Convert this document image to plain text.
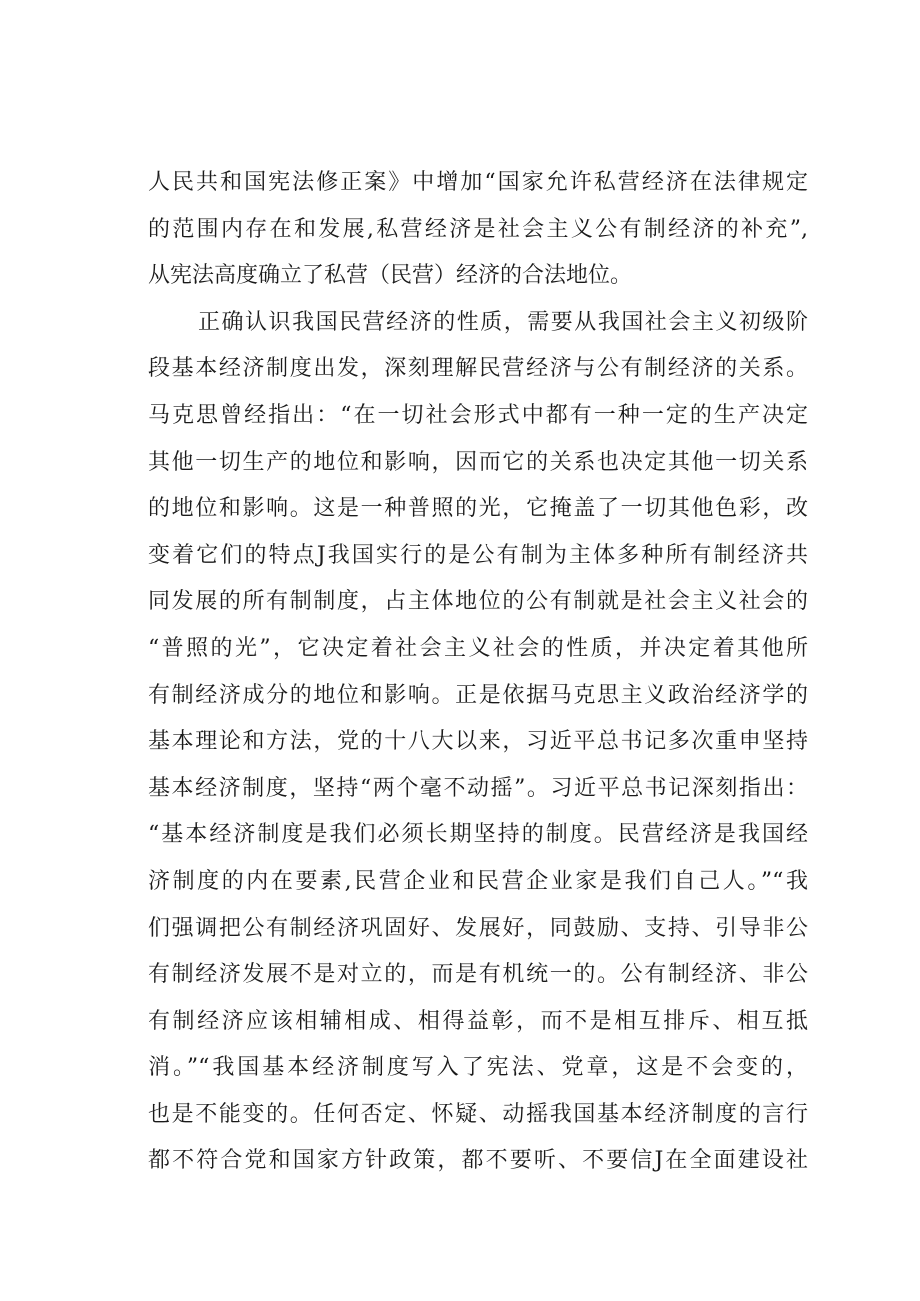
人民共和国宪法修正案》中增加“国家允许私营经济在法律规定
的范围内存在和发展,私营经济是社会主义公有制经济的补充”,
从宪法高度确立了私营（民营）经济的合法地位。
正确认识我国民营经济的性质，需要从我国社会主义初级阶
段基本经济制度出发，深刻理解民营经济与公有制经济的关系。
马克思曾经指出：“在一切社会形式中都有一种一定的生产决定
其他一切生产的地位和影响，因而它的关系也决定其他一切关系
的地位和影响。这是一种普照的光，它掩盖了一切其他色彩，改
变着它们的特点J我国实行的是公有制为主体多种所有制经济共
同发展的所有制制度，占主体地位的公有制就是社会主义社会的
“普照的光”，它决定着社会主义社会的性质，并决定着其他所
有制经济成分的地位和影响。正是依据马克思主义政治经济学的
基本理论和方法，党的十八大以来，习近平总书记多次重申坚持
基本经济制度，坚持“两个毫不动摇”。习近平总书记深刻指出：
“基本经济制度是我们必须长期坚持的制度。民营经济是我国经
济制度的内在要素,民营企业和民营企业家是我们自己人。”“我
们强调把公有制经济巩固好、发展好，同鼓励、支持、引导非公
有制经济发展不是对立的，而是有机统一的。公有制经济、非公
有制经济应该相辅相成、相得益彰，而不是相互排斥、相互抵
消。”“我国基本经济制度写入了宪法、党章，这是不会变的，
也是不能变的。任何否定、怀疑、动摇我国基本经济制度的言行
都不符合党和国家方针政策，都不要听、不要信J在全面建设社
